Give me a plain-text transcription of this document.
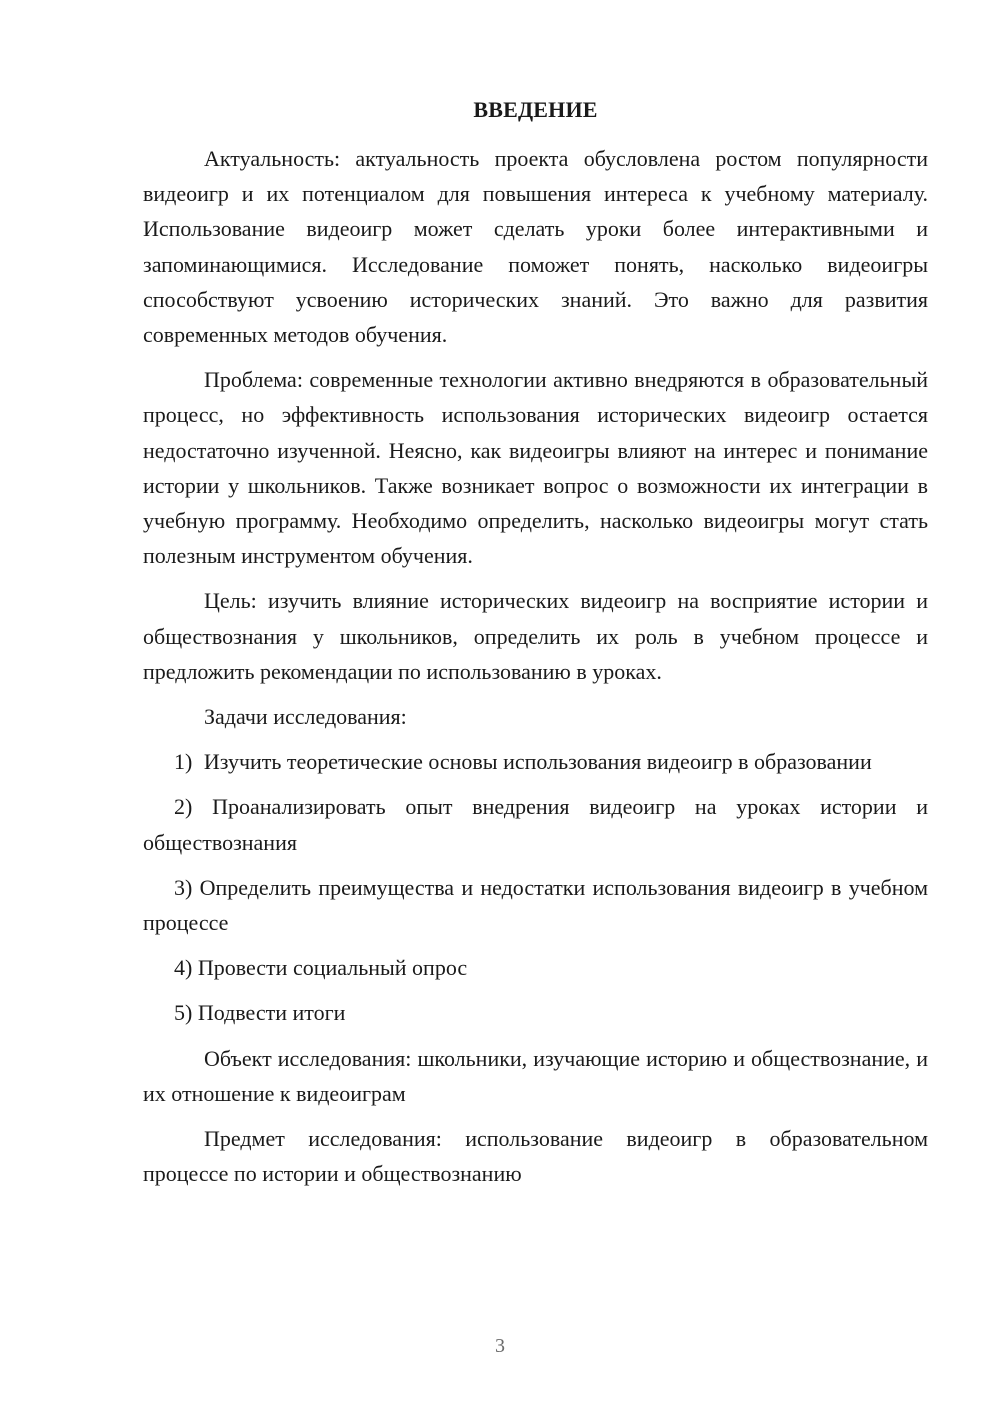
ВВЕДЕНИЕ

Актуальность: актуальность проекта обусловлена ростом популярности видеоигр и их потенциалом для повышения интереса к учебному материалу. Использование видеоигр может сделать уроки более интерактивными и запоминающимися. Исследование поможет понять, насколько видеоигры способствуют усвоению исторических знаний. Это важно для развития современных методов обучения.

Проблема: современные технологии активно внедряются в образовательный процесс, но эффективность использования исторических видеоигр остается недостаточно изученной. Неясно, как видеоигры влияют на интерес и понимание истории у школьников. Также возникает вопрос о возможности их интеграции в учебную программу. Необходимо определить, насколько видеоигры могут стать полезным инструментом обучения.

Цель: изучить влияние исторических видеоигр на восприятие истории и обществознания у школьников, определить их роль в учебном процессе и предложить рекомендации по использованию в уроках.

Задачи исследования:

1) Изучить теоретические основы использования видеоигр в образовании

2) Проанализировать опыт внедрения видеоигр на уроках истории и обществознания

3) Определить преимущества и недостатки использования видеоигр в учебном процессе

4) Провести социальный опрос

5) Подвести итоги

Объект исследования: школьники, изучающие историю и обществознание, и их отношение к видеоиграм

Предмет исследования: использование видеоигр в образовательном процессе по истории и обществознанию

3
